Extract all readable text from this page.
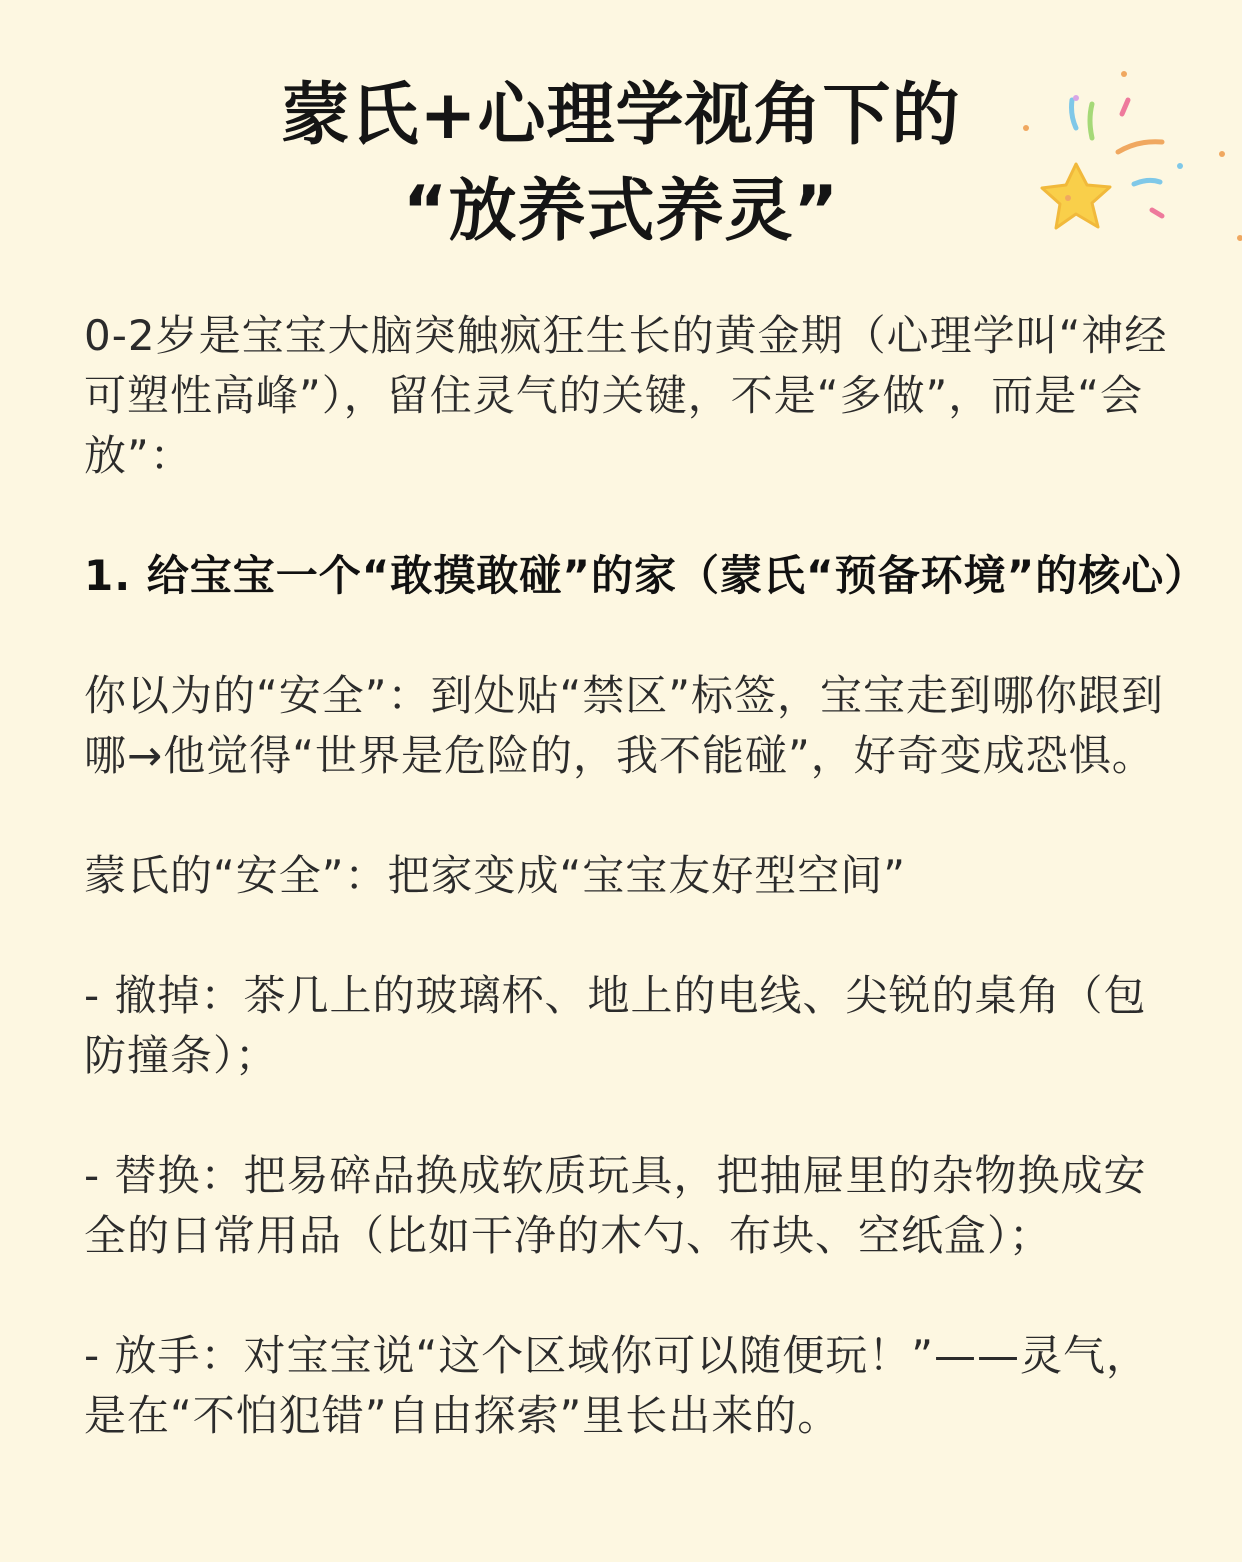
蒙氏+心理学视角下的
“放养式养灵”

0-2岁是宝宝大脑突触疯狂生长的黄金期（心理学叫“神经可塑性高峰”），留住灵气的关键，不是“多做”，而是“会放”：

1. 给宝宝一个“敢摸敢碰”的家（蒙氏“预备环境”的核心）

你以为的“安全”：到处贴“禁区”标签，宝宝走到哪你跟到哪→他觉得“世界是危险的，我不能碰”，好奇变成恐惧。

蒙氏的“安全”：把家变成“宝宝友好型空间”

- 撤掉：茶几上的玻璃杯、地上的电线、尖锐的桌角（包防撞条）；

- 替换：把易碎品换成软质玩具，把抽屉里的杂物换成安全的日常用品（比如干净的木勺、布块、空纸盒）；

- 放手：对宝宝说“这个区域你可以随便玩！”——灵气，是在“不怕犯错”自由探索”里长出来的。
